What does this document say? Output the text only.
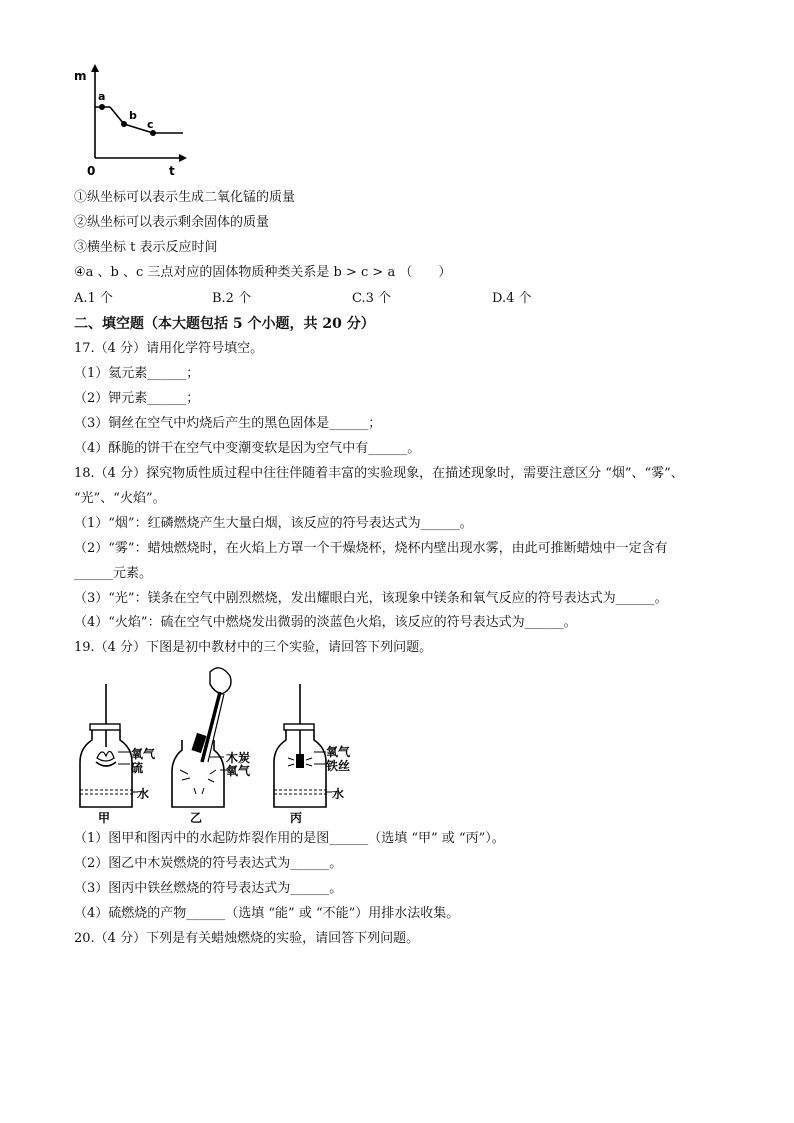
m
t
0
a
b
c
①纵坐标可以表示生成二氧化锰的质量
②纵坐标可以表示剩余固体的质量
③横坐标 t 表示反应时间
④a 、b 、c 三点对应的固体物质种类关系是 b > c > a （　　）
A.1 个	B.2 个	C.3 个	D.4 个
二、填空题（本大题包括 5 个小题，共 20 分）
17.（4 分）请用化学符号填空。
（1）氦元素______；
（2）钾元素______；
（3）铜丝在空气中灼烧后产生的黑色固体是______；
（4）酥脆的饼干在空气中变潮变软是因为空气中有______。
18.（4 分）探究物质性质过程中往往伴随着丰富的实验现象，在描述现象时，需要注意区分 “烟”、“雾”、
“光”、“火焰”。
（1）“烟”：红磷燃烧产生大量白烟，该反应的符号表达式为______。
（2）“雾”：蜡烛燃烧时，在火焰上方罩一个干燥烧杯，烧杯内壁出现水雾，由此可推断蜡烛中一定含有
______元素。
（3）“光”：镁条在空气中剧烈燃烧，发出耀眼白光，该现象中镁条和氧气反应的符号表达式为______。
（4）“火焰”：硫在空气中燃烧发出微弱的淡蓝色火焰，该反应的符号表达式为______。
19.（4 分）下图是初中教材中的三个实验，请回答下列问题。
氧气
硫
水
甲
木炭
氧气
乙
氧气
铁丝
水
丙
（1）图甲和图丙中的水起防炸裂作用的是图______（选填 “甲” 或 “丙”）。
（2）图乙中木炭燃烧的符号表达式为______。
（3）图丙中铁丝燃烧的符号表达式为______。
（4）硫燃烧的产物______（选填 “能” 或 “不能”）用排水法收集。
20.（4 分）下列是有关蜡烛燃烧的实验，请回答下列问题。
